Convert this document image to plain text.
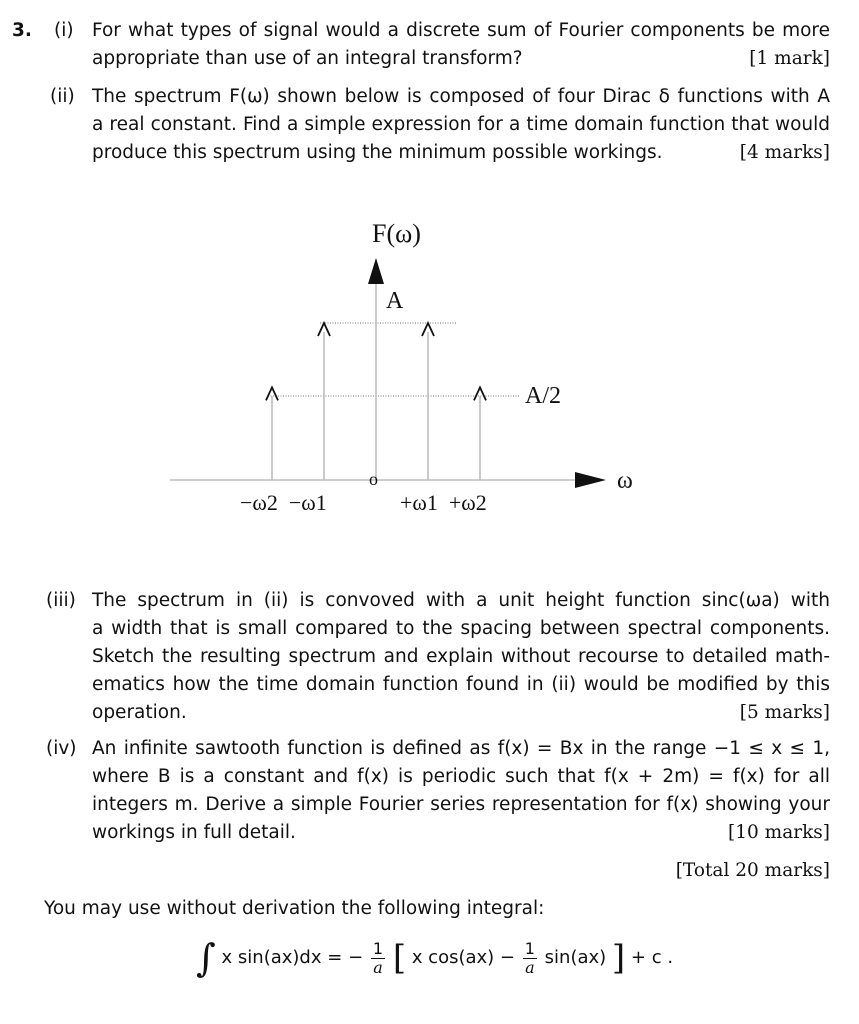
3. (i) For what types of signal would a discrete sum of Fourier components be more
appropriate than use of an integral transform?	[1 mark]
(ii) The spectrum F(ω) shown below is composed of four Dirac δ functions with A
a real constant. Find a simple expression for a time domain function that would
produce this spectrum using the minimum possible workings.	[4 marks]
o
F(ω)
A
A/2
ω
−ω2  −ω1	+ω1  +ω2
(iii) The spectrum in (ii) is convoved with a unit height function sinc(ωa) with
a width that is small compared to the spacing between spectral components.
Sketch the resulting spectrum and explain without recourse to detailed math-
ematics how the time domain function found in (ii) would be modified by this
operation.	[5 marks]
(iv) An infinite sawtooth function is defined as f(x) = Bx in the range −1 ≤ x ≤ 1,
where B is a constant and f(x) is periodic such that f(x + 2m) = f(x) for all
integers m. Derive a simple Fourier series representation for f(x) showing your
workings in full detail.	[10 marks]
[Total 20 marks]
You may use without derivation the following integral:
∫ x sin(ax)dx = − $\frac{1}{a}$ [ x $\cos(ax) - \frac{1}{a} \sin(ax)$ ] + c .
